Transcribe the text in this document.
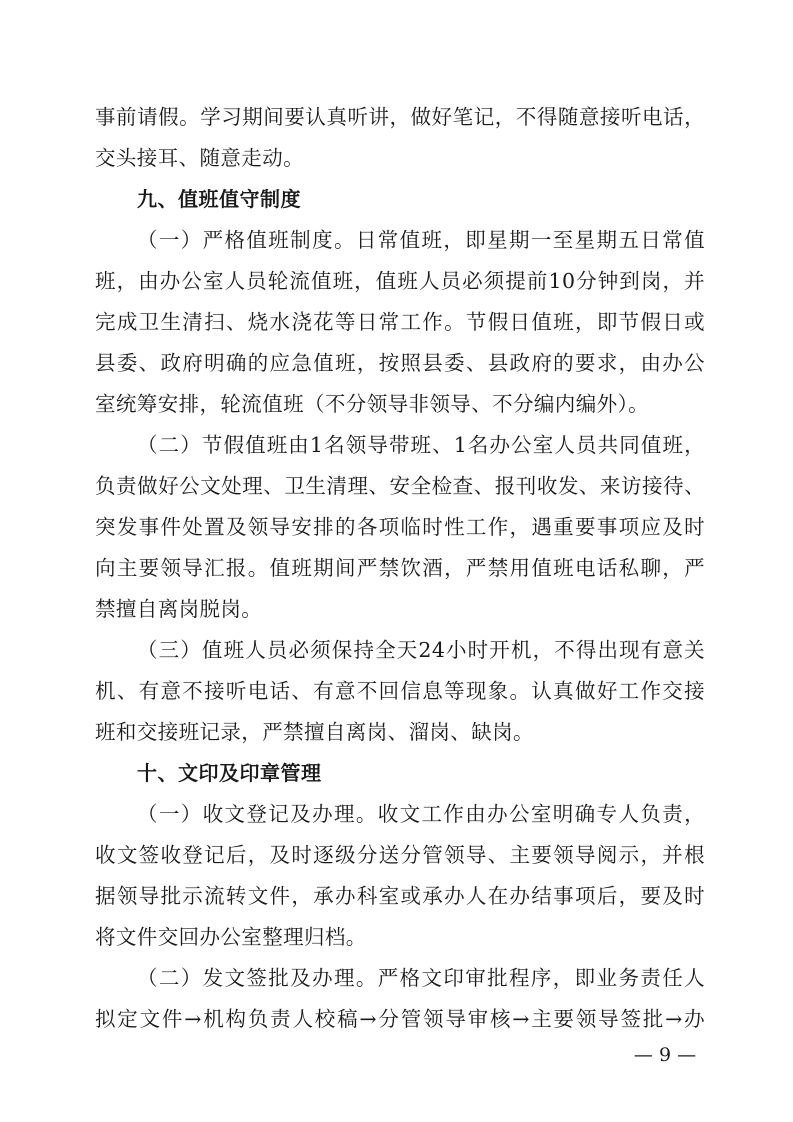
事前请假。学习期间要认真听讲，做好笔记，不得随意接听电话，
交头接耳、随意走动。
九、值班值守制度
（一）严格值班制度。日常值班，即星期一至星期五日常值
班，由办公室人员轮流值班，值班人员必须提前10分钟到岗，并
完成卫生清扫、烧水浇花等日常工作。节假日值班，即节假日或
县委、政府明确的应急值班，按照县委、县政府的要求，由办公
室统筹安排，轮流值班（不分领导非领导、不分编内编外）。
（二）节假值班由1名领导带班、1名办公室人员共同值班，
负责做好公文处理、卫生清理、安全检查、报刊收发、来访接待、
突发事件处置及领导安排的各项临时性工作，遇重要事项应及时
向主要领导汇报。值班期间严禁饮酒，严禁用值班电话私聊，严
禁擅自离岗脱岗。
（三）值班人员必须保持全天24小时开机，不得出现有意关
机、有意不接听电话、有意不回信息等现象。认真做好工作交接
班和交接班记录，严禁擅自离岗、溜岗、缺岗。
十、文印及印章管理
（一）收文登记及办理。收文工作由办公室明确专人负责，
收文签收登记后，及时逐级分送分管领导、主要领导阅示，并根
据领导批示流转文件，承办科室或承办人在办结事项后，要及时
将文件交回办公室整理归档。
（二）发文签批及办理。严格文印审批程序，即业务责任人
拟定文件→机构负责人校稿→分管领导审核→主要领导签批→办
— 9 —
